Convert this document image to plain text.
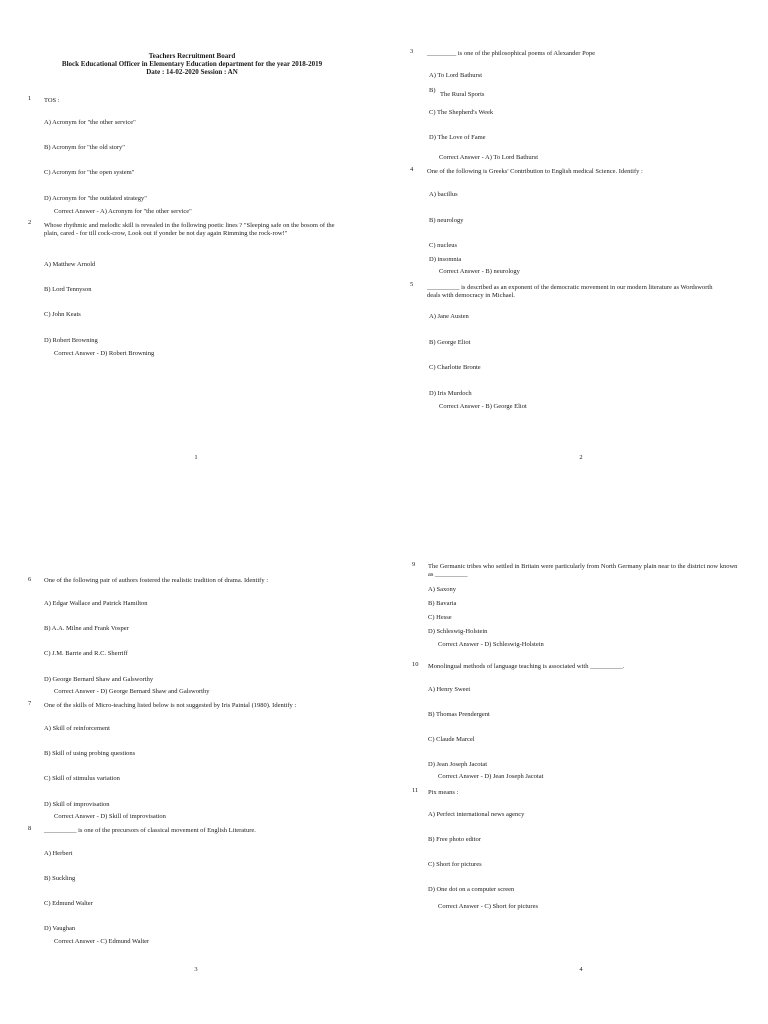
Teachers Recruitment Board
Block Educational Officer in Elementary Education department for the year 2018-2019
Date : 14-02-2020 Session : AN
1 TOS :
A) Acronym for "the other service"
B) Acronym for "the old story"
C) Acronym for "the open system"
D) Acronym for "the outdated strategy"
Correct Answer - A) Acronym for "the other service"
2 Whose rhythmic and melodic skill is revealed in the following poetic lines ? "Sleeping safe on the bosom of the plain, cared - for till cock-crow, Look out if yonder be not day again Rimming the rock-row!"
A) Matthew Arnold
B) Lord Tennyson
C) John Keats
D) Robert Browning
Correct Answer - D) Robert Browning
1
3 _________ is one of the philosophical poems of Alexander Pope
A) To Lord Bathurst
B)
The Rural Sports
C) The Shepherd's Week
D) The Love of Fame
Correct Answer - A) To Lord Bathurst
4 One of the following is Greeks' Contribution to English medical Science. Identify :
A) bacillus
B) neurology
C) nucleus
D) insomnia
Correct Answer - B) neurology
5 __________ is described as an exponent of the democratic movement in our modern literature as Wordsworth deals with democracy in Michael.
A) Jane Austen
B) George Eliot
C) Charlotte Bronte
D) Iris Murdoch
Correct Answer - B) George Eliot
2
6 One of the following pair of authors fostered the realistic tradition of drama. Identify :
A) Edgar Wallace and Patrick Hamilton
B) A.A. Milne and Frank Vosper
C) J.M. Barrie and R.C. Sherriff
D) George Bernard Shaw and Galsworthy
Correct Answer - D) George Bernard Shaw and Galsworthy
7 One of the skills of Micro-teaching listed below is not suggested by Iris Paintal (1980). Identify :
A) Skill of reinforcement
B) Skill of using probing questions
C) Skill of stimulus variation
D) Skill of improvisation
Correct Answer - D) Skill of improvisation
8 __________ is one of the precursors of classical movement of English Literature.
A) Herbert
B) Suckling
C) Edmund Walter
D) Vaughan
Correct Answer - C) Edmund Walter
3
9 The Germanic tribes who settled in Britain were particularly from North Germany plain near to the district now known as __________
A) Saxony
B) Bavaria
C) Hesse
D) Schleswig-Holstein
Correct Answer - D) Schleswig-Holstein
10 Monolingual methods of language teaching is associated with __________.
A) Henry Sweet
B) Thomas Prendergent
C) Claude Marcel
D) Jean Joseph Jacotat
Correct Answer - D) Jean Joseph Jacotat
11 Pix means :
A) Perfect international news agency
B) Free photo editor
C) Short for pictures
D) One dot on a computer screen
Correct Answer - C) Short for pictures
4
